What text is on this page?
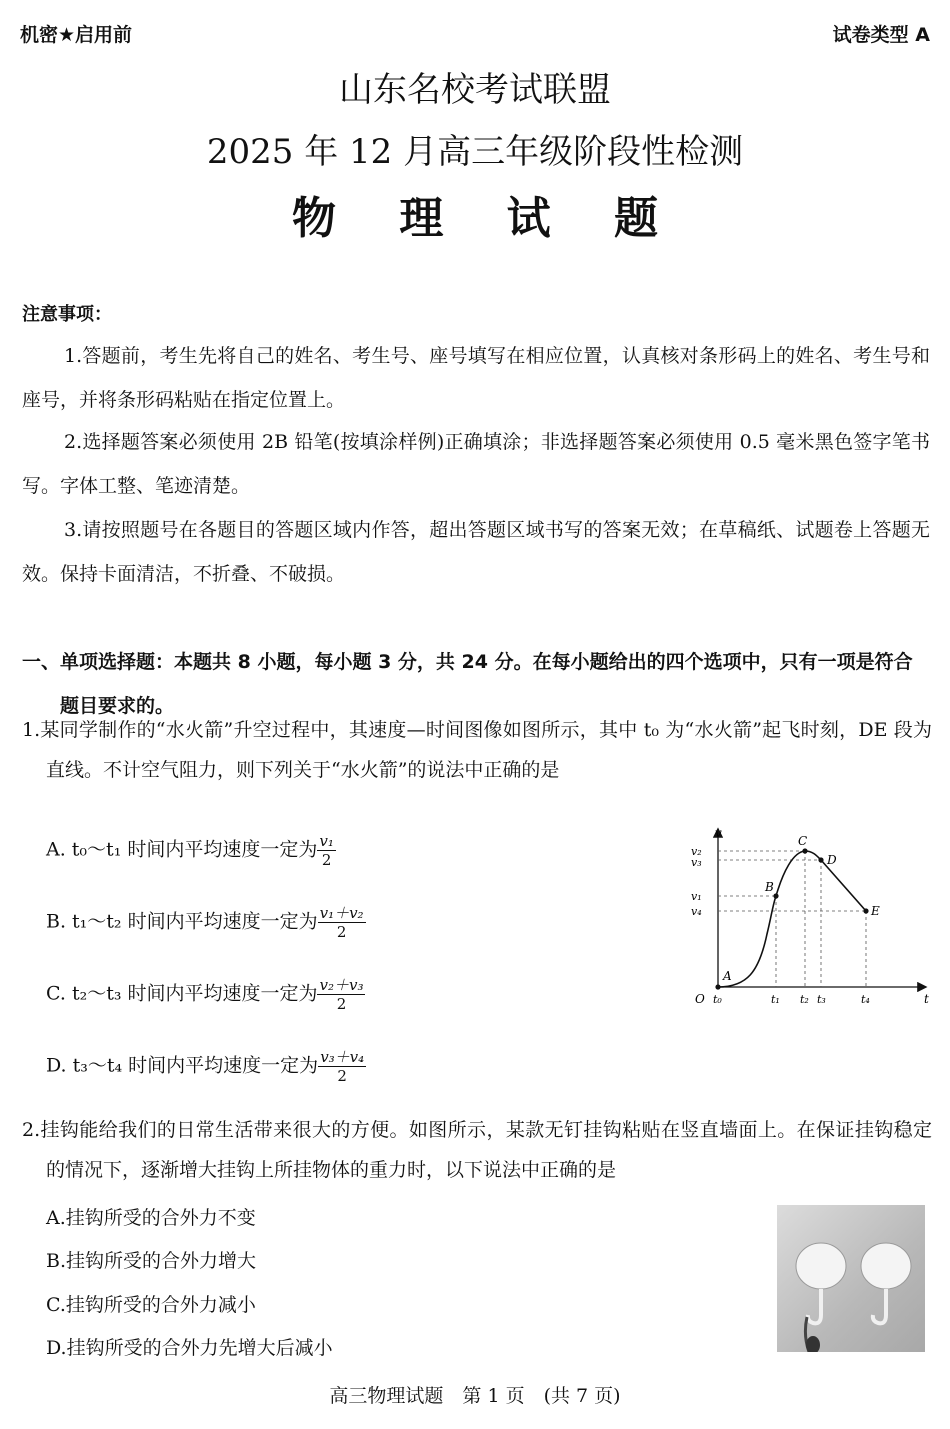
机密★启用前	试卷类型 A
山东名校考试联盟
2025 年 12 月高三年级阶段性检测
物 理 试 题
注意事项：
1.答题前，考生先将自己的姓名、考生号、座号填写在相应位置，认真核对条形码上的姓名、考生号和座号，并将条形码粘贴在指定位置上。
2.选择题答案必须使用 2B 铅笔(按填涂样例)正确填涂；非选择题答案必须使用 0.5 毫米黑色签字笔书写。字体工整、笔迹清楚。
3.请按照题号在各题目的答题区域内作答，超出答题区域书写的答案无效；在草稿纸、试题卷上答题无效。保持卡面清洁，不折叠、不破损。
一、单项选择题：本题共 8 小题，每小题 3 分，共 24 分。在每小题给出的四个选项中，只有一项是符合题目要求的。
1.某同学制作的“水火箭”升空过程中，其速度—时间图像如图所示，其中 t₀ 为“水火箭”起飞时刻，DE 段为直线。不计空气阻力，则下列关于“水火箭”的说法中正确的是
A. t₀～t₁ 时间内平均速度一定为 $\frac{\text{v₁}}{2}$
B. t₁～t₂ 时间内平均速度一定为 $\frac{\text{v₁＋v₂}}{2}$
C. t₂～t₃ 时间内平均速度一定为 $\frac{\text{v₂＋v₃}}{2}$
D. t₃～t₄ 时间内平均速度一定为 $\frac{\text{v₃＋v₄}}{2}$
A
B
C
D
E
v
t
O
v₂
v₃
v₁
v₄
t₀	t₁ t₂ t₃	t₄
2.挂钩能给我们的日常生活带来很大的方便。如图所示，某款无钉挂钩粘贴在竖直墙面上。在保证挂钩稳定的情况下，逐渐增大挂钩上所挂物体的重力时，以下说法中正确的是
A.挂钩所受的合外力不变
B.挂钩所受的合外力增大
C.挂钩所受的合外力减小
D.挂钩所受的合外力先增大后减小
高三物理试题　第 1 页　(共 7 页)
